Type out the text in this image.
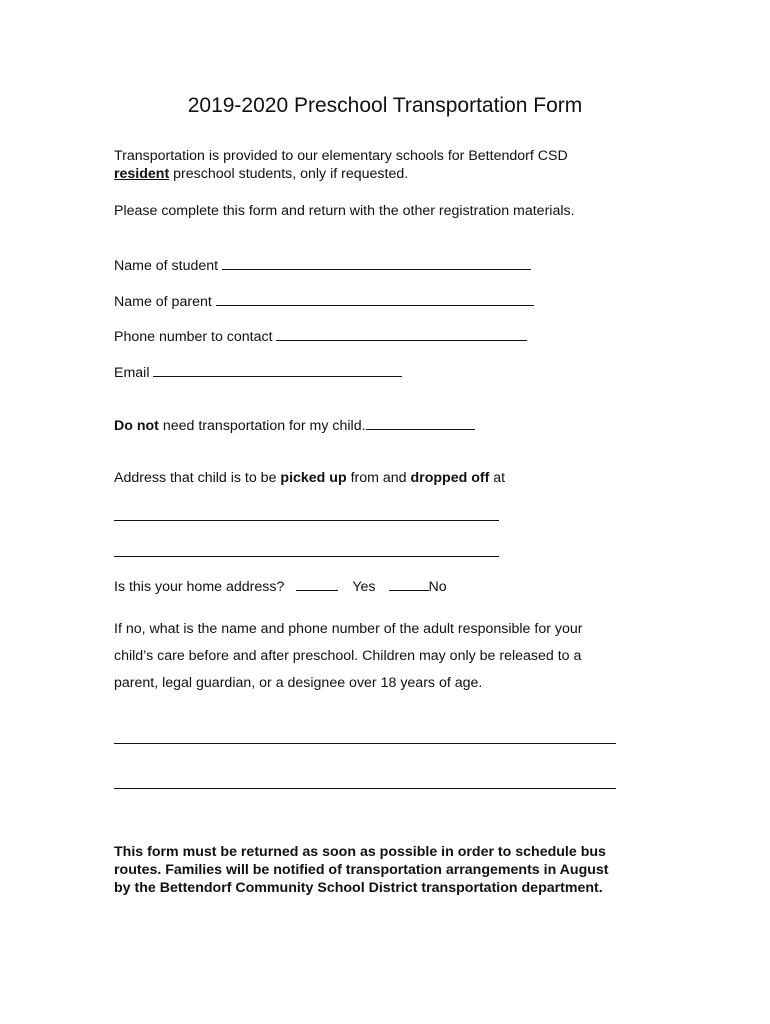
2019-2020 Preschool Transportation Form

Transportation is provided to our elementary schools for Bettendorf CSD

resident preschool students, only if requested.

Please complete this form and return with the other registration materials.

Name of student

Name of parent

Phone number to contact

Email

Do not need transportation for my child.

Address that child is to be picked up from and dropped off at

Is this your home address?	Yes	No

If no, what is the name and phone number of the adult responsible for your
child’s care before and after preschool. Children may only be released to a
parent, legal guardian, or a designee over 18 years of age.
This form must be returned as soon as possible in order to schedule bus
routes. Families will be notified of transportation arrangements in August
by the Bettendorf Community School District transportation department.
